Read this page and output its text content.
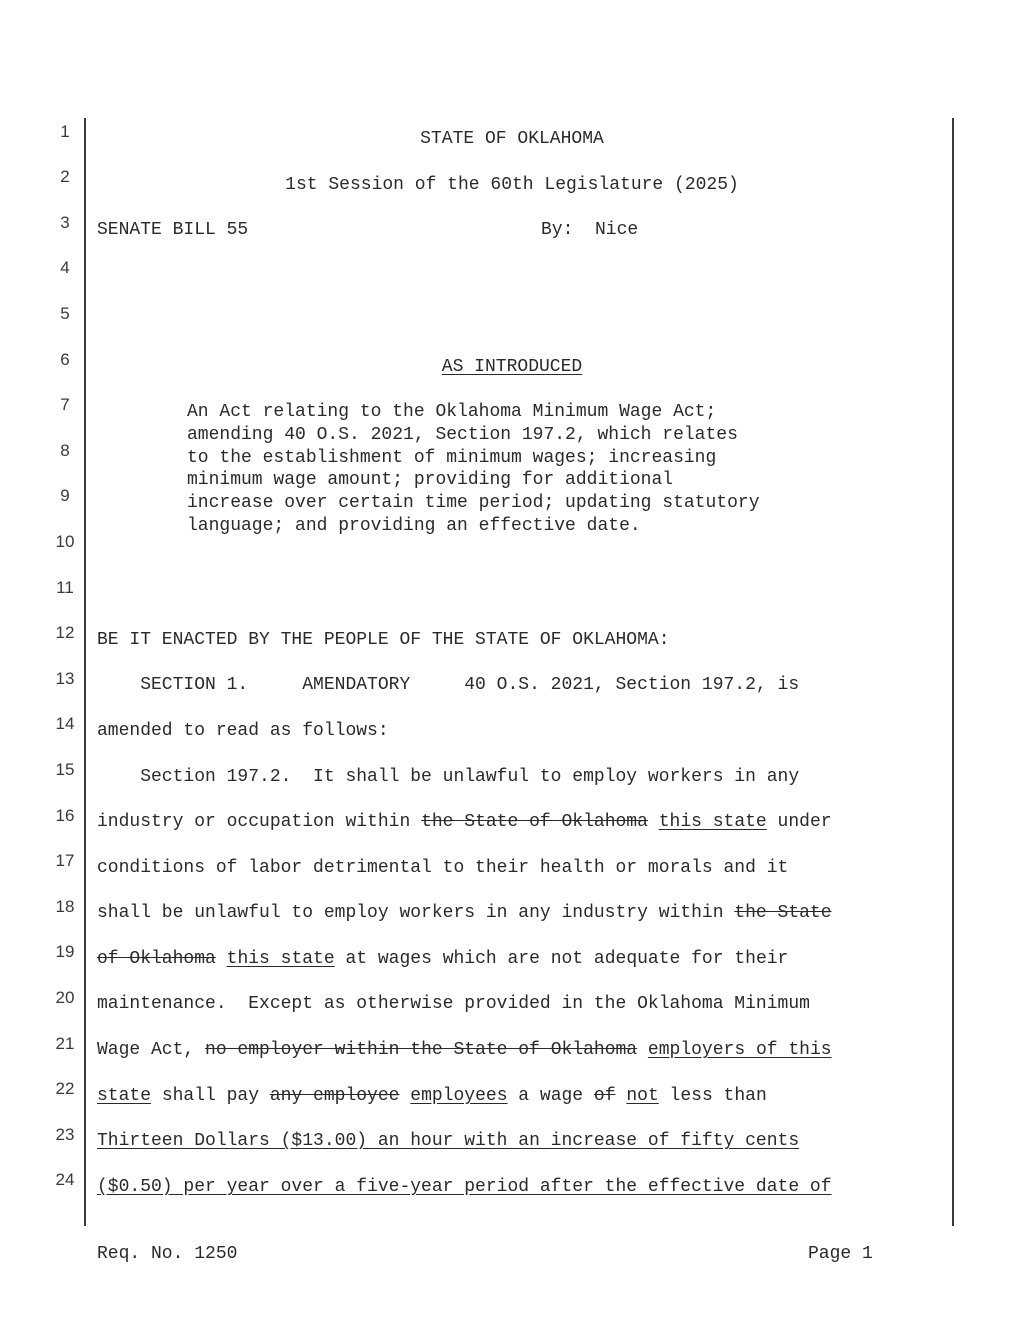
1
2
3
4
5
6
7
8
9
10
11
12
13
14
15
16
17
18
19
20
21
22
23
24
STATE OF OKLAHOMA
1st Session of the 60th Legislature (2025)
SENATE BILL 55	By:  Nice
AS INTRODUCED
An Act relating to the Oklahoma Minimum Wage Act;
amending 40 O.S. 2021, Section 197.2, which relates
to the establishment of minimum wages; increasing
minimum wage amount; providing for additional
increase over certain time period; updating statutory
language; and providing an effective date.
BE IT ENACTED BY THE PEOPLE OF THE STATE OF OKLAHOMA:
SECTION 1.     AMENDATORY     40 O.S. 2021, Section 197.2, is
amended to read as follows:
Section 197.2.  It shall be unlawful to employ workers in any
industry or occupation within the State of Oklahoma this state under
conditions of labor detrimental to their health or morals and it
shall be unlawful to employ workers in any industry within the State
of Oklahoma this state at wages which are not adequate for their
maintenance.  Except as otherwise provided in the Oklahoma Minimum
Wage Act, no employer within the State of Oklahoma employers of this
state shall pay any employee employees a wage of not less than
Thirteen Dollars ($13.00) an hour with an increase of fifty cents
($0.50) per year over a five-year period after the effective date of
Req. No. 1250	Page 1
